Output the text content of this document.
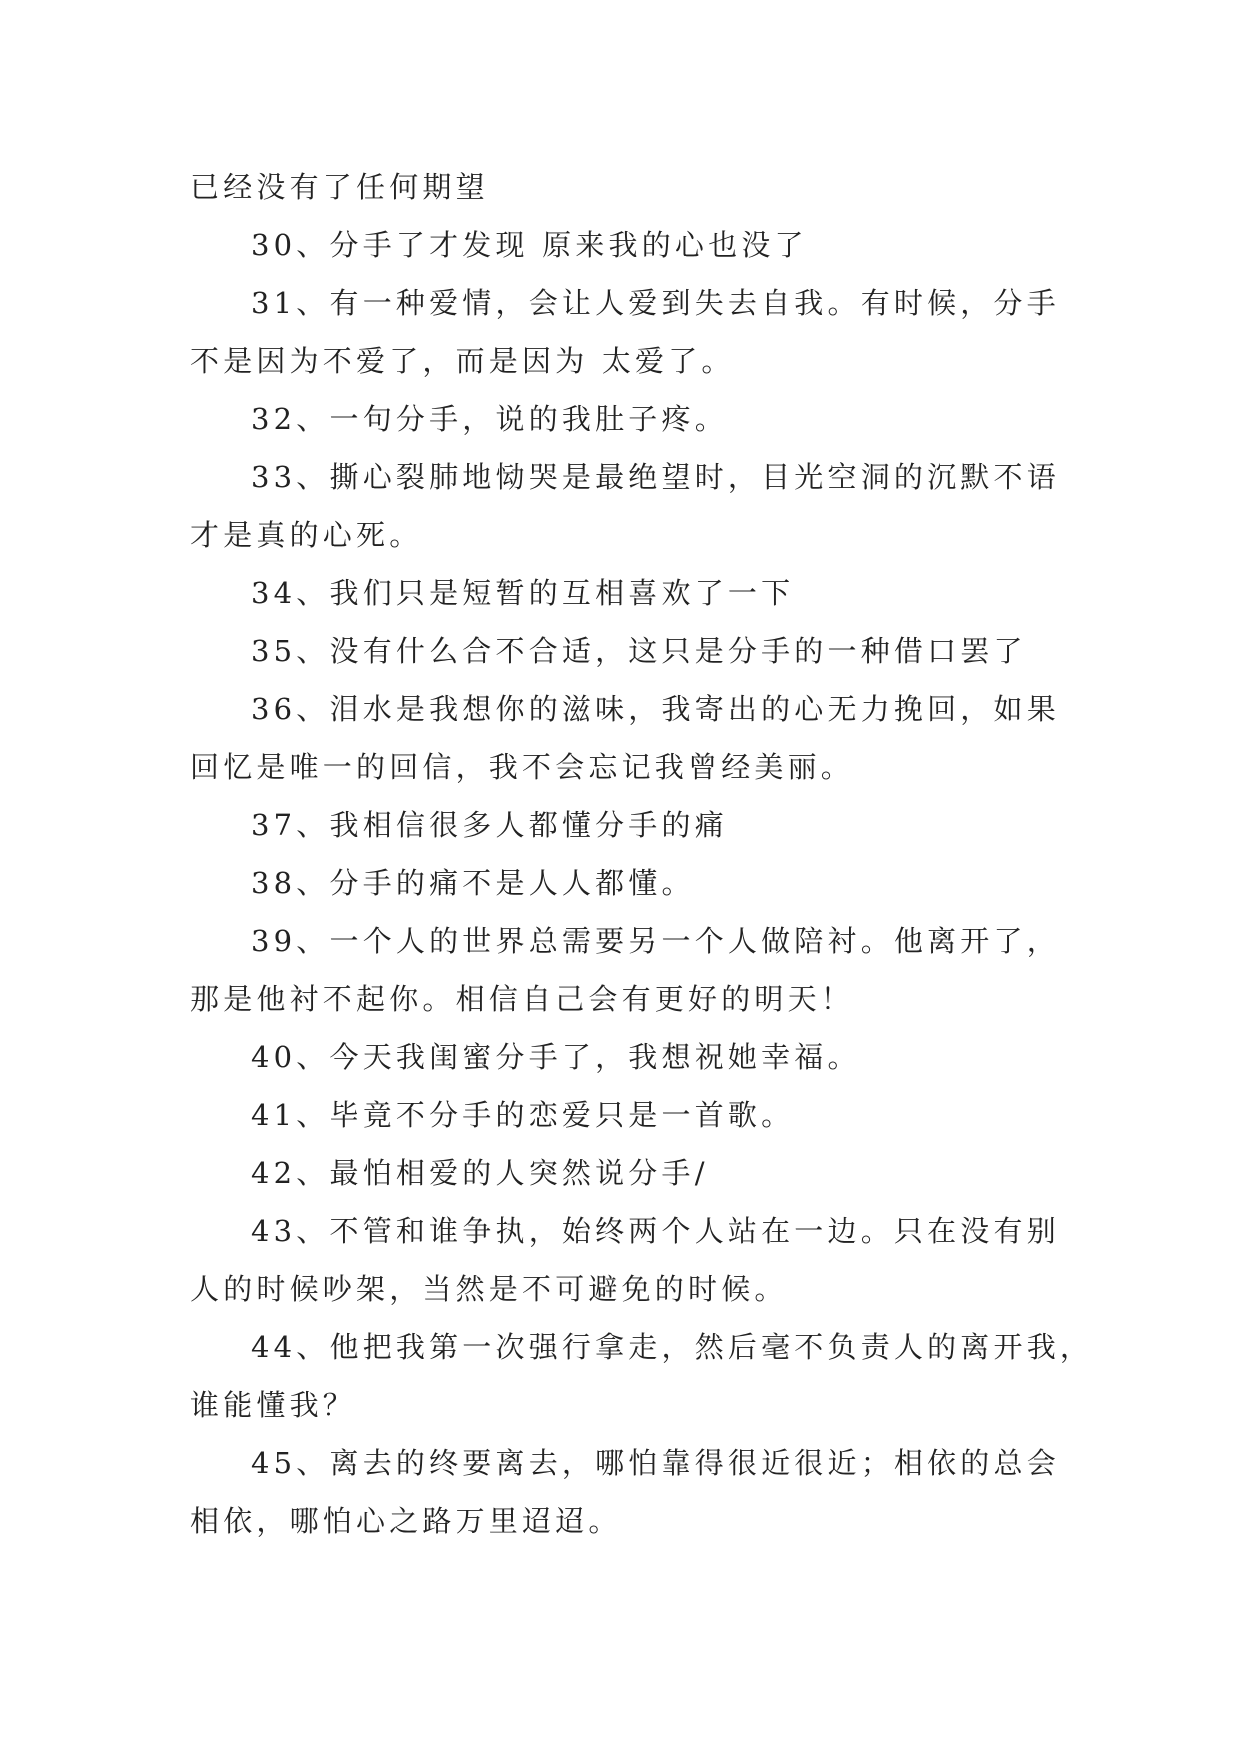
已经没有了任何期望

30、分手了才发现 原来我的心也没了

31、有一种爱情，会让人爱到失去自我。有时候，分手

不是因为不爱了，而是因为 太爱了。

32、一句分手，说的我肚子疼。

33、撕心裂肺地恸哭是最绝望时，目光空洞的沉默不语

才是真的心死。

34、我们只是短暂的互相喜欢了一下

35、没有什么合不合适，这只是分手的一种借口罢了

36、泪水是我想你的滋味，我寄出的心无力挽回，如果

回忆是唯一的回信，我不会忘记我曾经美丽。

37、我相信很多人都懂分手的痛

38、分手的痛不是人人都懂。

39、一个人的世界总需要另一个人做陪衬。他离开了，

那是他衬不起你。相信自己会有更好的明天！

40、今天我闺蜜分手了，我想祝她幸福。

41、毕竟不分手的恋爱只是一首歌。

42、最怕相爱的人突然说分手/

43、不管和谁争执，始终两个人站在一边。只在没有别

人的时候吵架，当然是不可避免的时候。

44、他把我第一次强行拿走，然后毫不负责人的离开我，

谁能懂我？

45、离去的终要离去，哪怕靠得很近很近；相依的总会

相依，哪怕心之路万里迢迢。
